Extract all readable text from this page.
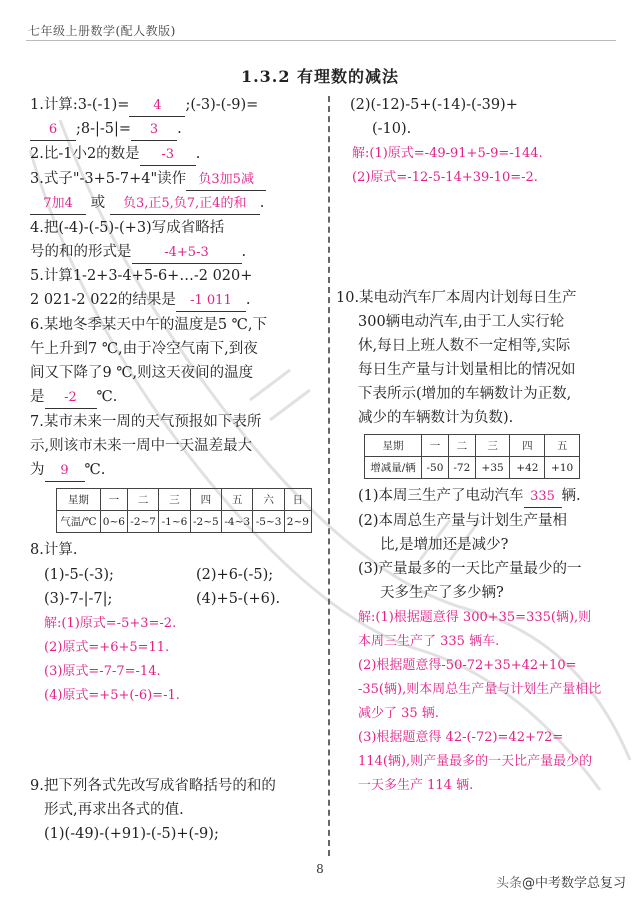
七年级上册数学(配人教版)
1.3.2 有理数的减法
1.计算:3-(-1)= 4 ;(-3)-(-9)=
6 ;8-|-5|= 3 .
2.比-1小2的数是 -3 .
3.式子"-3+5-7+4"读作 负3加5减
7加4 或 负3,正5,负7,正4的和 .
4.把(-4)-(-5)-(+3)写成省略括
号的和的形式是	-4+5-3 .
5.计算1-2+3-4+5-6+…-2 020+
2 021-2 022的结果是 -1 011 .
6.某地冬季某天中午的温度是5 ℃,下
午上升到7 ℃,由于冷空气南下,到夜
间又下降了9 ℃,则这天夜间的温度
是 -2 ℃.
7.某市未来一周的天气预报如下表所
示,则该市未来一周中一天温差最大
为 9 ℃.
星期	一	二	三	四	五	六	日
气温/℃	0~6	-2~7	-1~6	-2~5	-4~3	-5~3	2~9
8.计算.
(1)-5-(-3);	(2)+6-(-5);
(3)-7-|-7|;	(4)+5-(+6).
解:(1)原式=-5+3=-2.
(2)原式=+6+5=11.
(3)原式=-7-7=-14.
(4)原式=+5+(-6)=-1.
9.把下列各式先改写成省略括号的和的
形式,再求出各式的值.
(1)(-49)-(+91)-(-5)+(-9);
(2)(-12)-5+(-14)-(-39)+
(-10).
解:(1)原式=-49-91+5-9=-144.
(2)原式=-12-5-14+39-10=-2.
10.某电动汽车厂本周内计划每日生产
300辆电动汽车,由于工人实行轮
休,每日上班人数不一定相等,实际
每日生产量与计划量相比的情况如
下表所示(增加的车辆数计为正数,
减少的车辆数计为负数).
星期	一	二	三	四	五
增减量/辆	-50	-72	+35	+42	+10
(1)本周三生产了电动汽车 335 辆.
(2)本周总生产量与计划生产量相
比,是增加还是减少?
(3)产量最多的一天比产量最少的一
天多生产了多少辆?
解:(1)根据题意得 300+35=335(辆),则
本周三生产了 335 辆车.
(2)根据题意得-50-72+35+42+10=
-35(辆),则本周总生产量与计划生产量相比
减少了 35 辆.
(3)根据题意得 42-(-72)=42+72=
114(辆),则产量最多的一天比产量最少的
一天多生产 114 辆.
8
头条@中考数学总复习
